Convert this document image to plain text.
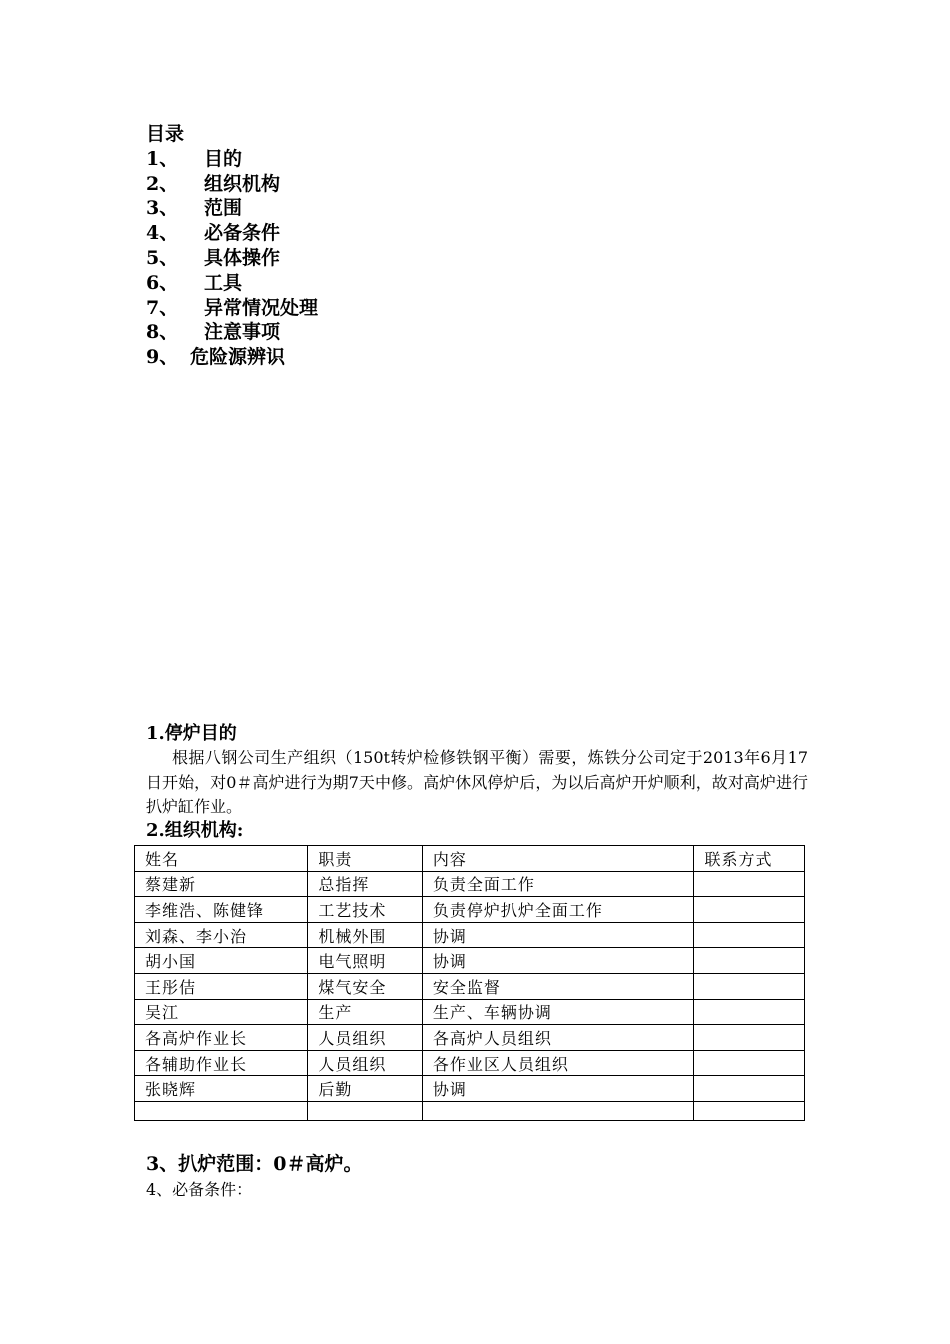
目录
1、 目的
2、 组织机构
3、 范围
4、 必备条件
5、 具体操作
6、 工具
7、 异常情况处理
8、 注意事项
9、 危险源辨识

1.停炉目的

根据八钢公司生产组织（150t转炉检修铁钢平衡）需要，炼铁分公司定于2013年6月17日开始，对0＃高炉进行为期7天中修。高炉休风停炉后，为以后高炉开炉顺利，故对高炉进行扒炉缸作业。

2.组织机构:

姓名	职责	内容	联系方式
蔡建新	总指挥	负责全面工作	
李维浩、陈健锋	工艺技术	负责停炉扒炉全面工作	
刘森、李小治	机械外围	协调	
胡小国	电气照明	协调	
王彤佶	煤气安全	安全监督	
吴江	生产	生产、车辆协调	
各高炉作业长	人员组织	各高炉人员组织	
各辅助作业长	人员组织	各作业区人员组织	
张晓辉	后勤	协调	

3、扒炉范围：0＃高炉。

4、必备条件：
